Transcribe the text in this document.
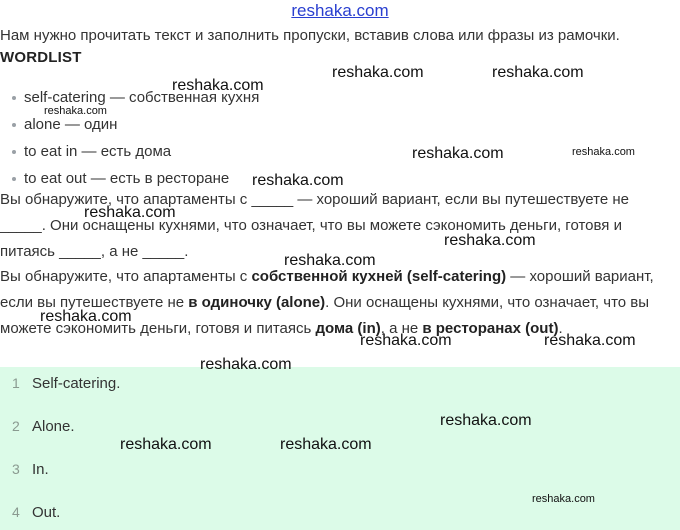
reshaka.com
Нам нужно прочитать текст и заполнить пропуски, вставив слова или фразы из рамочки.
WORDLIST
self-catering — собственная кухня
alone — один
to eat in — есть дома
to eat out — есть в ресторане
Вы обнаружите, что апартаменты с _____ — хороший вариант, если вы путешествуете не
_____. Они оснащены кухнями, что означает, что вы можете сэкономить деньги, готовя и
питаясь _____, а не _____.

Вы обнаружите, что апартаменты с собственной кухней (self-catering) — хороший вариант, если вы путешествуете не в одиночку (alone). Они оснащены кухнями, что означает, что вы можете сэкономить деньги, готовя и питаясь дома (in), а не в ресторанах (out).

1 Self-catering.
2 Alone.
3 In.
4 Out.
reshaka.com
reshaka.com
reshaka.com	reshaka.com
reshaka.com	reshaka.com
reshaka.com
reshaka.com
reshaka.com
reshaka.com
reshaka.com
reshaka.com	reshaka.com
reshaka.com
reshaka.com
reshaka.com	reshaka.com
reshaka.com
